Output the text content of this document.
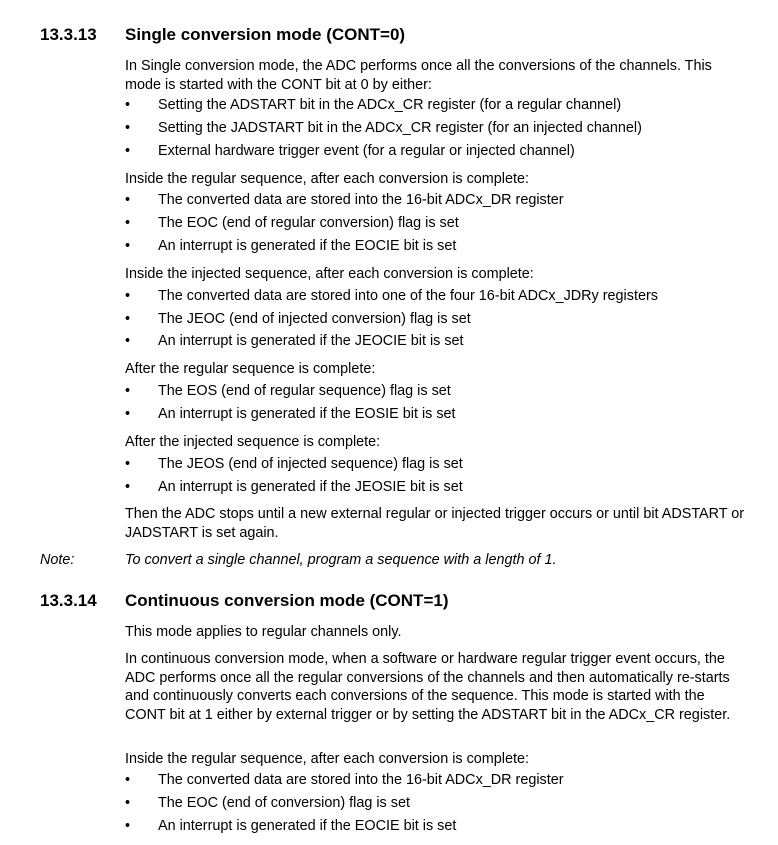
13.3.13 Single conversion mode (CONT=0)
In Single conversion mode, the ADC performs once all the conversions of the channels. This mode is started with the CONT bit at 0 by either:
• Setting the ADSTART bit in the ADCx_CR register (for a regular channel)
• Setting the JADSTART bit in the ADCx_CR register (for an injected channel)
• External hardware trigger event (for a regular or injected channel)
Inside the regular sequence, after each conversion is complete:
• The converted data are stored into the 16-bit ADCx_DR register
• The EOC (end of regular conversion) flag is set
• An interrupt is generated if the EOCIE bit is set
Inside the injected sequence, after each conversion is complete:
• The converted data are stored into one of the four 16-bit ADCx_JDRy registers
• The JEOC (end of injected conversion) flag is set
• An interrupt is generated if the JEOCIE bit is set
After the regular sequence is complete:
• The EOS (end of regular sequence) flag is set
• An interrupt is generated if the EOSIE bit is set
After the injected sequence is complete:
• The JEOS (end of injected sequence) flag is set
• An interrupt is generated if the JEOSIE bit is set
Then the ADC stops until a new external regular or injected trigger occurs or until bit ADSTART or JADSTART is set again.
Note:	To convert a single channel, program a sequence with a length of 1.
13.3.14 Continuous conversion mode (CONT=1)
This mode applies to regular channels only.
In continuous conversion mode, when a software or hardware regular trigger event occurs, the ADC performs once all the regular conversions of the channels and then automatically re-starts and continuously converts each conversions of the sequence. This mode is started with the CONT bit at 1 either by external trigger or by setting the ADSTART bit in the ADCx_CR register.
Inside the regular sequence, after each conversion is complete:
• The converted data are stored into the 16-bit ADCx_DR register
• The EOC (end of conversion) flag is set
• An interrupt is generated if the EOCIE bit is set
